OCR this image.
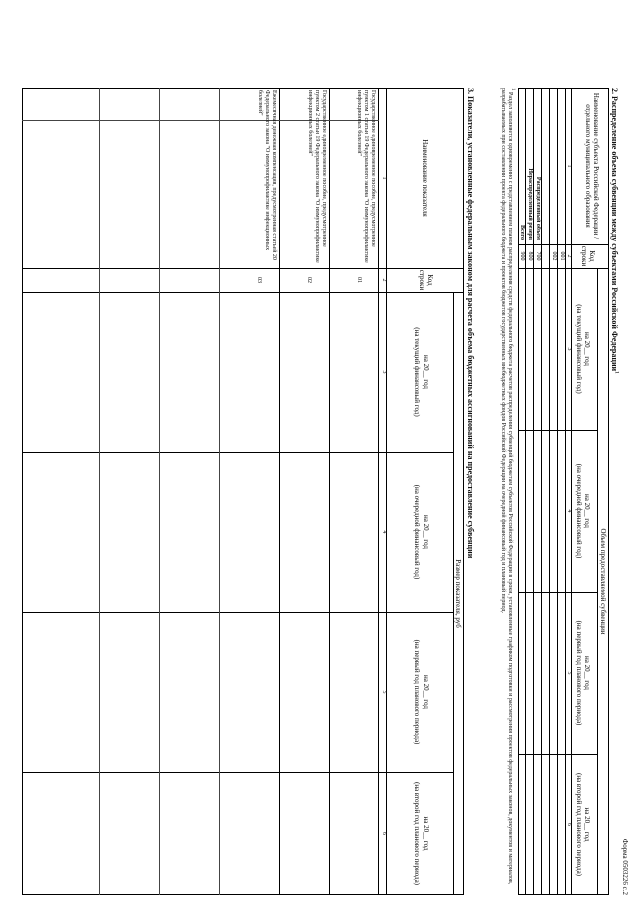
Форма 0503226 с.2
2. Распределение объема субвенции между субъектами Российской Федерации$^1$
Наименование субъекта Российской Федерации / отдельного муниципального образования
Код строки
Объем предоставляемой субвенции
на 20__ год
(на текущий финансовый год)
на 20__ год
(на очередной финансовый год)
на 20__ год
(на первый год планового периода)
на 20__ год
(на второй год планового периода)
1
2
3
4
5
6
001
002
Распределенный объем
700
Нераспределенный резерв
800
Всего
900
$^1$ Раздел заполняется одновременно с представлением планов распределения средств федерального бюджета расчетов распределения субвенций бюджетам субъектов Российской Федерации в сроки, установленные графиком подготовки и рассмотрения проектов федеральных законов, документов и материалов, разрабатываемых при составлении проекта федерального бюджета и проектов бюджетов государственных внебюджетных фондов Российской Федерации на очередной финансовый год и плановый период.
3. Показатели, установленные федеральным законом для расчета объема бюджетных ассигнований на предоставление субвенции
Наименование показателя
Код строки
Размер показателя, руб
на 20__ год
(на текущий финансовый год)
на 20__ год
(на очередной финансовый год)
на 20__ год
(на первый год планового периода)
на 20__ год
(на второй год планового периода)
1
2
3
4
5
6
Государственное единовременное пособие, предусмотренное пунктом 1 статьи 19 Федерального закона "О иммунопрофилактике инфекционных болезней"
01
Государственное единовременное пособие, предусмотренное пунктом 2 статьи 19 Федерального закона "О иммунопрофилактике инфекционных болезней"
02
Ежемесячная денежная компенсация, предусмотренная статьей 20 Федерального закона "О иммунопрофилактике инфекционных болезней"
03
